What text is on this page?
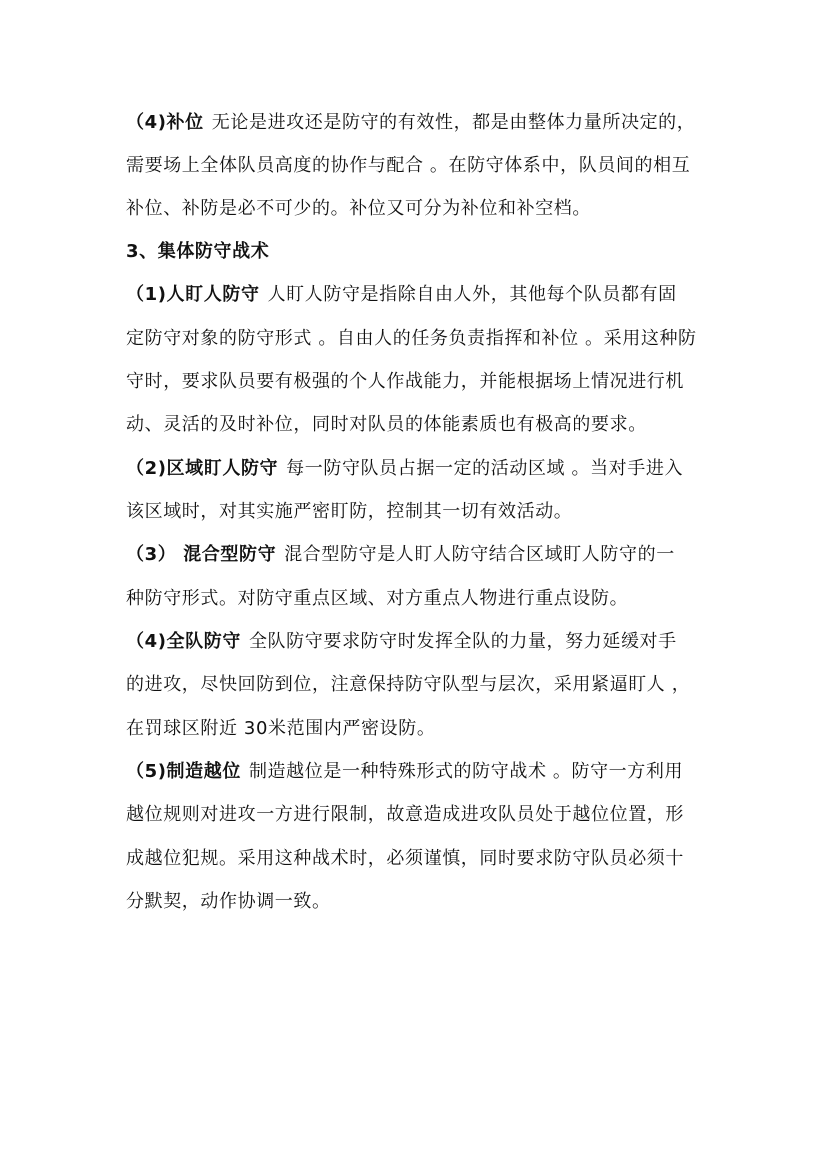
（4)补位 无论是进攻还是防守的有效性，都是由整体力量所决定的，
需要场上全体队员高度的协作与配合 。在防守体系中，队员间的相互
补位、补防是必不可少的。补位又可分为补位和补空档。
3、集体防守战术
（1)人盯人防守 人盯人防守是指除自由人外，其他每个队员都有固
定防守对象的防守形式 。自由人的任务负责指挥和补位 。采用这种防
守时，要求队员要有极强的个人作战能力，并能根据场上情况进行机
动、灵活的及时补位，同时对队员的体能素质也有极高的要求。
（2)区域盯人防守 每一防守队员占据一定的活动区域 。当对手进入
该区域时，对其实施严密盯防，控制其一切有效活动。
（3） 混合型防守 混合型防守是人盯人防守结合区域盯人防守的一
种防守形式。对防守重点区域、对方重点人物进行重点设防。
（4)全队防守 全队防守要求防守时发挥全队的力量，努力延缓对手
的进攻，尽快回防到位，注意保持防守队型与层次，采用紧逼盯人 ，
在罚球区附近 30米范围内严密设防。
（5)制造越位 制造越位是一种特殊形式的防守战术 。防守一方利用
越位规则对进攻一方进行限制，故意造成进攻队员处于越位位置，形
成越位犯规。采用这种战术时，必须谨慎，同时要求防守队员必须十
分默契，动作协调一致。
